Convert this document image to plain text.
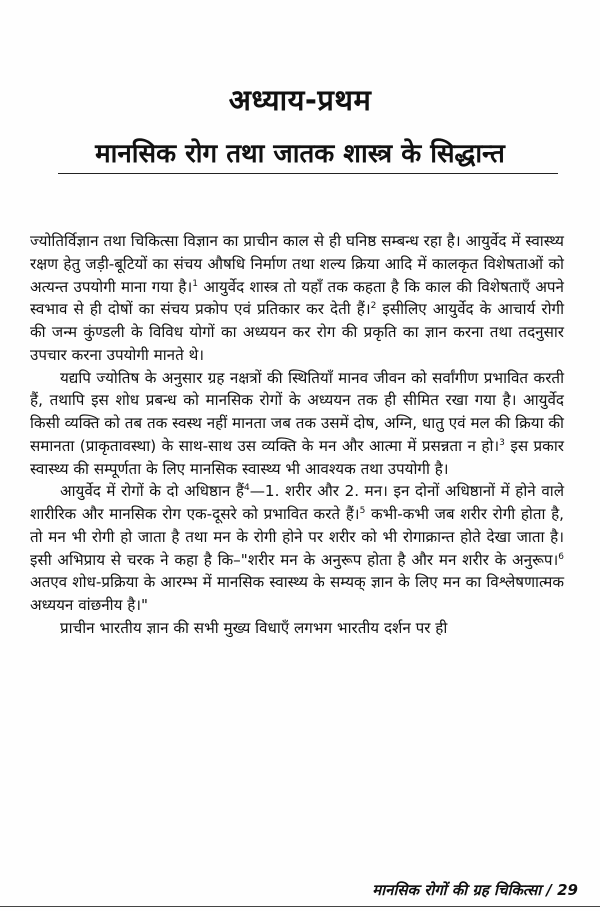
अध्याय-प्रथम
मानसिक रोग तथा जातक शास्त्र के सिद्धान्त

ज्योतिर्विज्ञान तथा चिकित्सा विज्ञान का प्राचीन काल से ही घनिष्ठ सम्बन्ध रहा है। आयुर्वेद में स्वास्थ्य रक्षण हेतु जड़ी-बूटियों का संचय औषधि निर्माण तथा शल्य क्रिया आदि में कालकृत विशेषताओं को अत्यन्त उपयोगी माना गया है।$^1$ आयुर्वेद शास्त्र तो यहाँ तक कहता है कि काल की विशेषताएँ अपने स्वभाव से ही दोषों का संचय प्रकोप एवं प्रतिकार कर देती हैं।$^2$ इसीलिए आयुर्वेद के आचार्य रोगी की जन्म कुंण्डली के विविध योगों का अध्ययन कर रोग की प्रकृति का ज्ञान करना तथा तदनुसार उपचार करना उपयोगी मानते थे।

यद्यपि ज्योतिष के अनुसार ग्रह नक्षत्रों की स्थितियाँ मानव जीवन को सर्वांगीण प्रभावित करती हैं, तथापि इस शोध प्रबन्ध को मानसिक रोगों के अध्ययन तक ही सीमित रखा गया है। आयुर्वेद किसी व्यक्ति को तब तक स्वस्थ नहीं मानता जब तक उसमें दोष, अग्नि, धातु एवं मल की क्रिया की समानता (प्राकृतावस्था) के साथ-साथ उस व्यक्ति के मन और आत्मा में प्रसन्नता न हो।$^3$ इस प्रकार स्वास्थ्य की सम्पूर्णता के लिए मानसिक स्वास्थ्य भी आवश्यक तथा उपयोगी है।

आयुर्वेद में रोगों के दो अधिष्ठान हैं$^4$—1. शरीर और 2. मन। इन दोनों अधिष्ठानों में होने वाले शारीरिक और मानसिक रोग एक-दूसरे को प्रभावित करते हैं।$^5$ कभी-कभी जब शरीर रोगी होता है, तो मन भी रोगी हो जाता है तथा मन के रोगी होने पर शरीर को भी रोगाक्रान्त होते देखा जाता है। इसी अभिप्राय से चरक ने कहा है कि–"शरीर मन के अनुरूप होता है और मन शरीर के अनुरूप।$^6$ अतएव शोध-प्रक्रिया के आरम्भ में मानसिक स्वास्थ्य के सम्यक् ज्ञान के लिए मन का विश्लेषणात्मक अध्ययन वांछनीय है।"

प्राचीन भारतीय ज्ञान की सभी मुख्य विधाएँ लगभग भारतीय दर्शन पर ही

मानसिक रोगों की ग्रह चिकित्सा / 29
